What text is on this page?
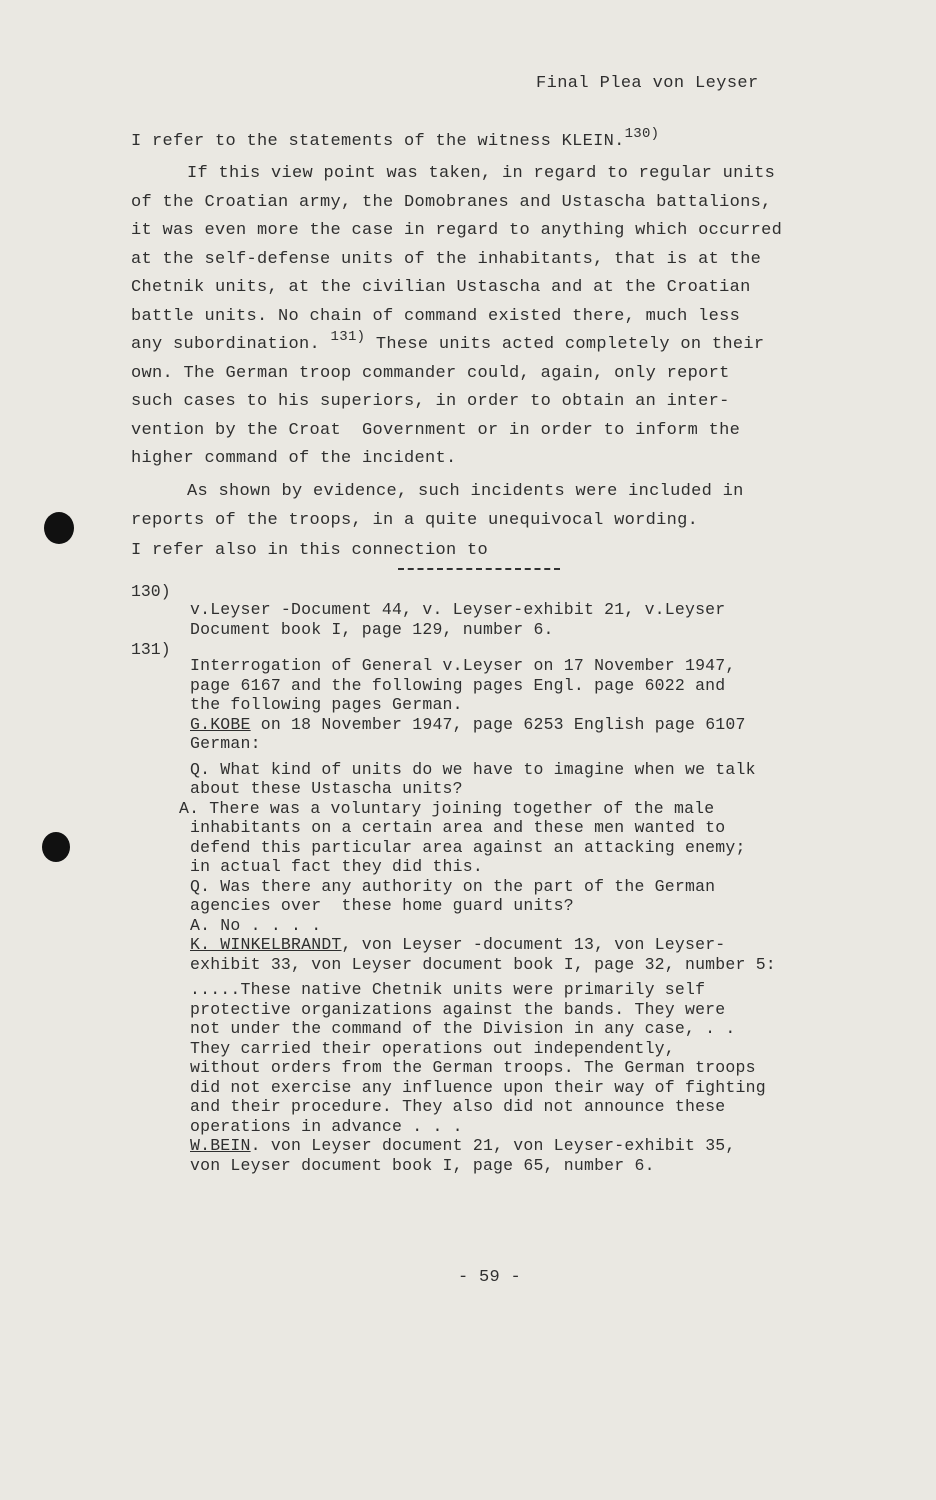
Final Plea von Leyser
I refer to the statements of the witness KLEIN.$^{130)}$
If this view point was taken, in regard to regular units
of the Croatian army, the Domobranes and Ustascha battalions,
it was even more the case in regard to anything which occurred
at the self-defense units of the inhabitants, that is at the
Chetnik units, at the civilian Ustascha and at the Croatian
battle units. No chain of command existed there, much less
any subordination. $^{131)}$ These units acted completely on their
own. The German troop commander could, again, only report
such cases to his superiors, in order to obtain an inter-
vention by the Croat  Government or in order to inform the
higher command of the incident.
As shown by evidence, such incidents were included in
reports of the troops, in a quite unequivocal wording.
I refer also in this connection to
130)
v.Leyser -Document 44, v. Leyser-exhibit 21, v.Leyser
Document book I, page 129, number 6.
131)
Interrogation of General v.Leyser on 17 November 1947,
page 6167 and the following pages Engl. page 6022 and
the following pages German.
G.KOBE on 18 November 1947, page 6253 English page 6107
German:
Q. What kind of units do we have to imagine when we talk
about these Ustascha units?
A. There was a voluntary joining together of the male
inhabitants on a certain area and these men wanted to
defend this particular area against an attacking enemy;
in actual fact they did this.
Q. Was there any authority on the part of the German
agencies over  these home guard units?
A. No . . . .
K. WINKELBRANDT, von Leyser -document 13, von Leyser-
exhibit 33, von Leyser document book I, page 32, number 5:
.....These native Chetnik units were primarily self
protective organizations against the bands. They were
not under the command of the Division in any case, . .
They carried their operations out independently,
without orders from the German troops. The German troops
did not exercise any influence upon their way of fighting
and their procedure. They also did not announce these
operations in advance . . .
W.BEIN. von Leyser document 21, von Leyser-exhibit 35,
von Leyser document book I, page 65, number 6.
- 59 -
